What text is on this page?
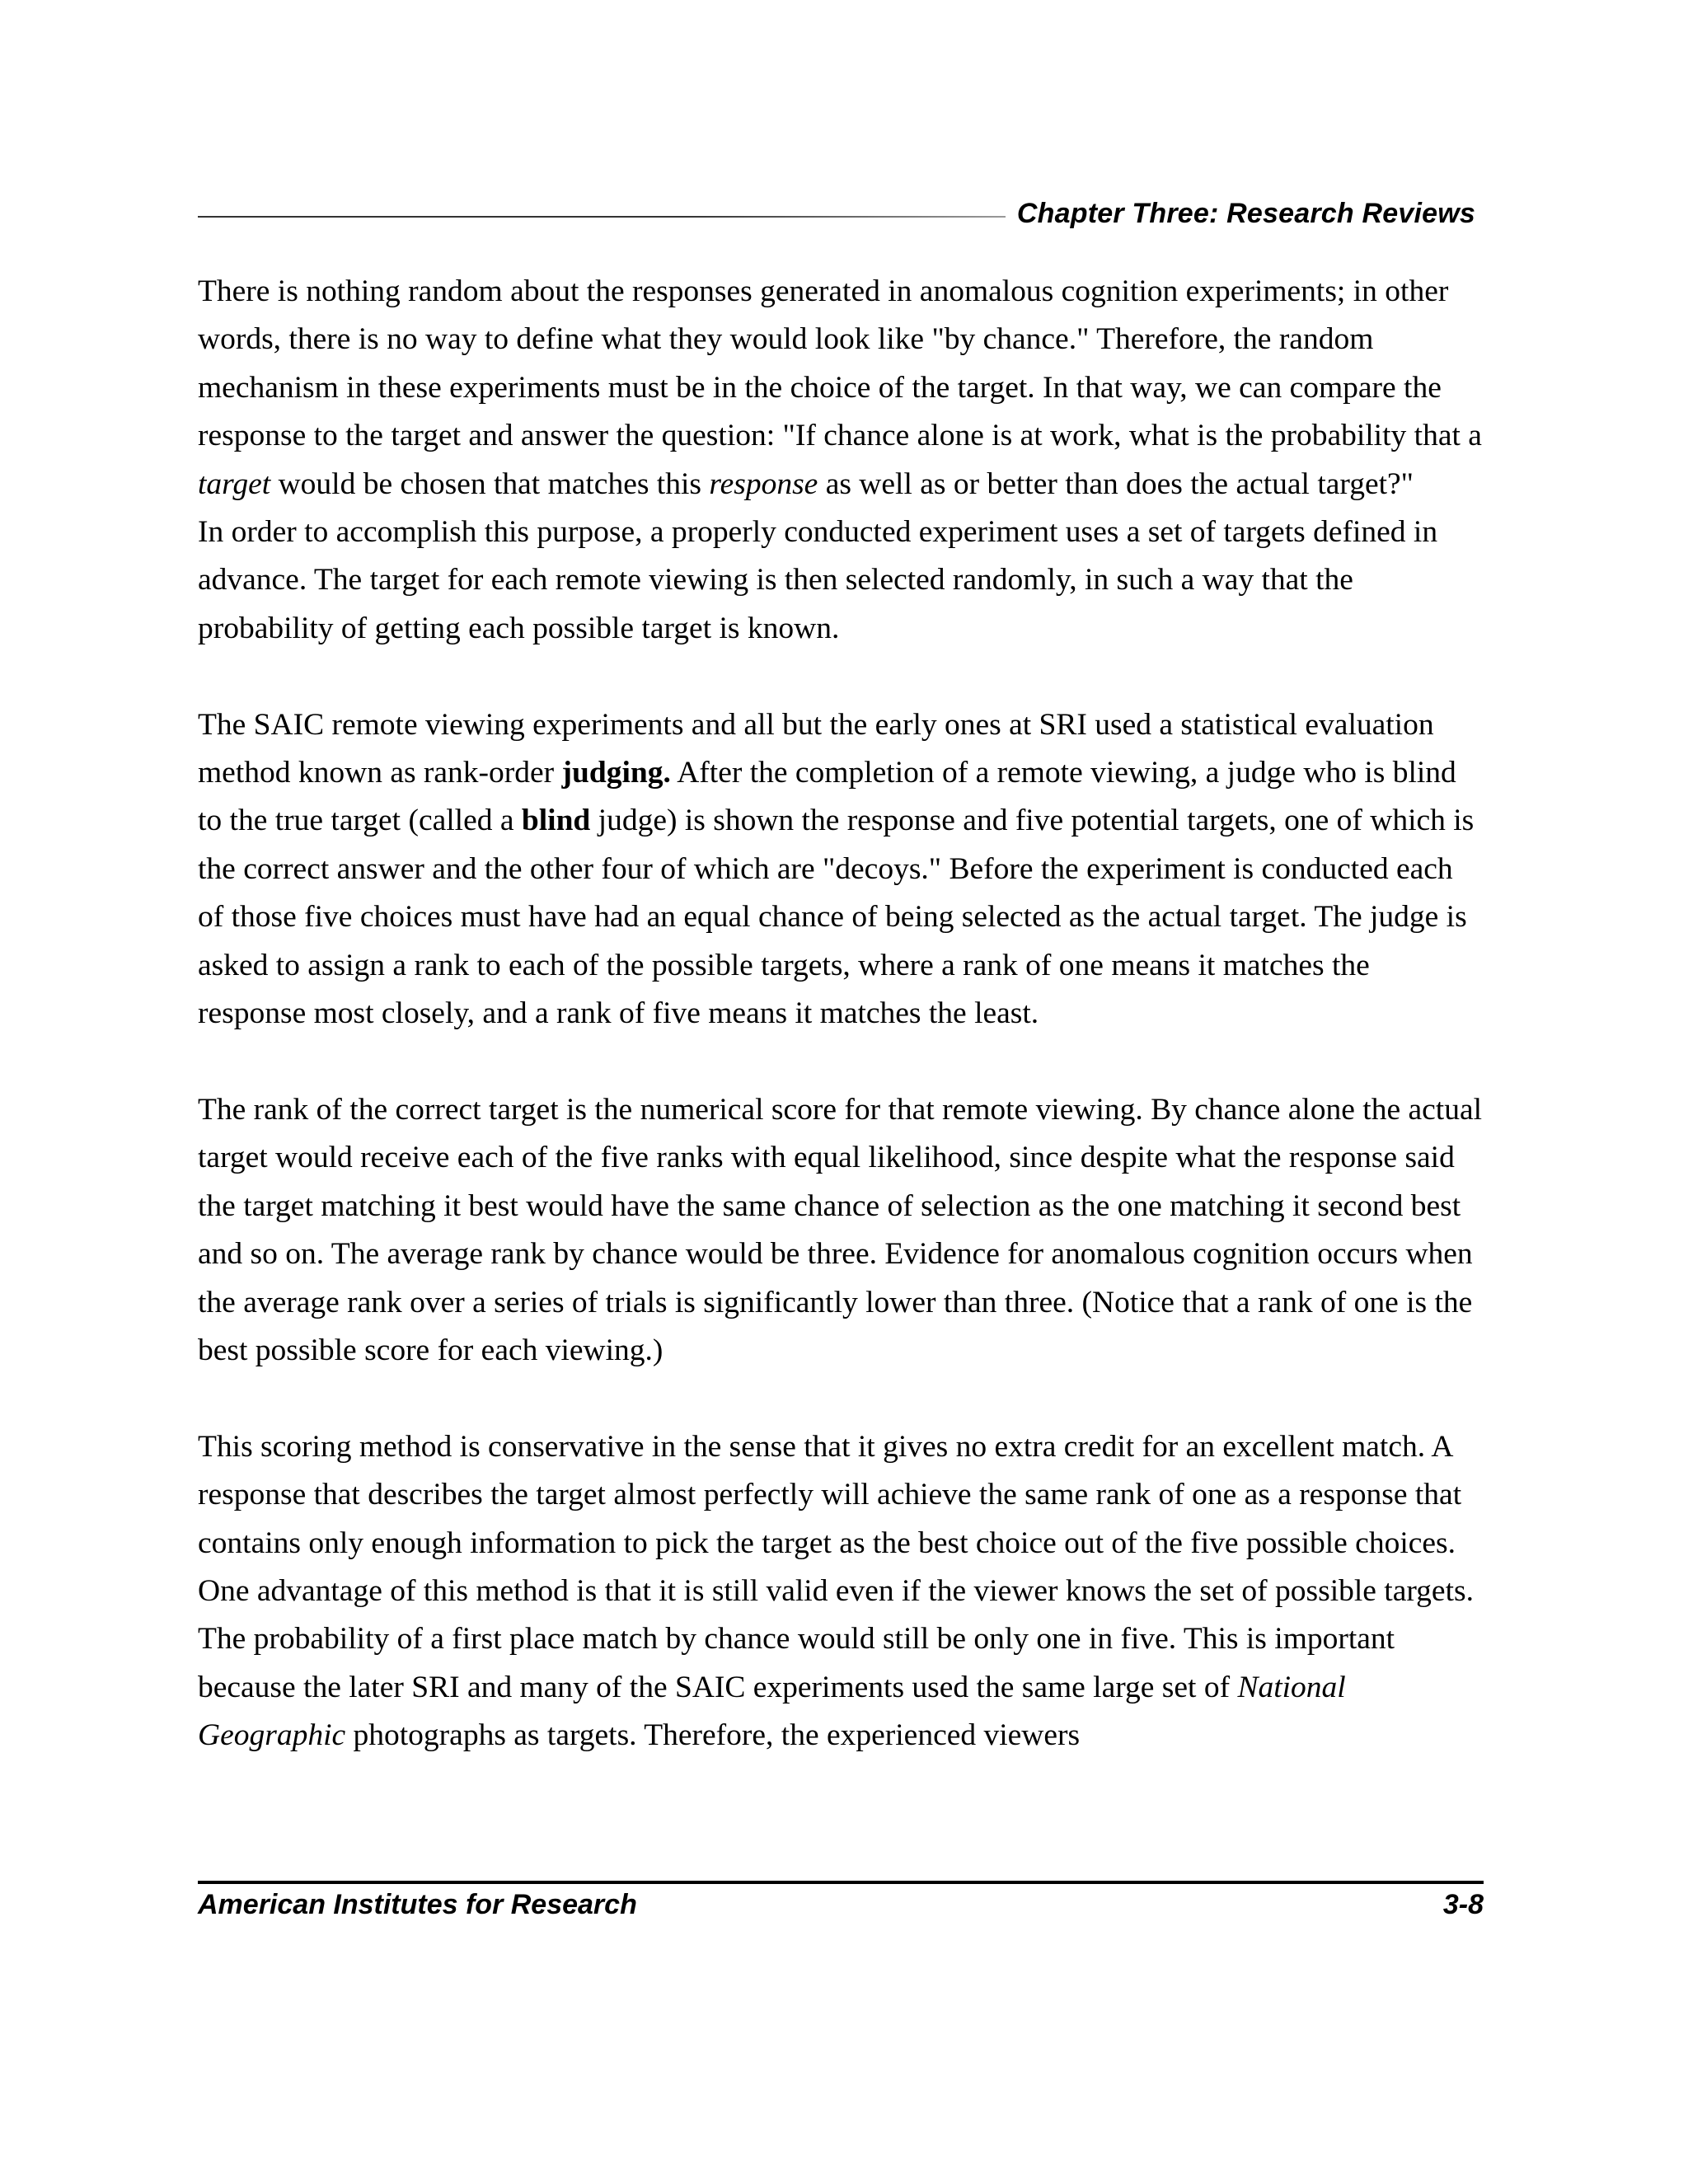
Chapter Three: Research Reviews

There is nothing random about the responses generated in anomalous cognition experiments; in other words, there is no way to define what they would look like "by chance." Therefore, the random mechanism in these experiments must be in the choice of the target. In that way, we can compare the response to the target and answer the question: "If chance alone is at work, what is the probability that a target would be chosen that matches this response as well as or better than does the actual target?"

In order to accomplish this purpose, a properly conducted experiment uses a set of targets defined in advance. The target for each remote viewing is then selected randomly, in such a way that the probability of getting each possible target is known.

The SAIC remote viewing experiments and all but the early ones at SRI used a statistical evaluation method known as rank-order judging. After the completion of a remote viewing, a judge who is blind to the true target (called a blind judge) is shown the response and five potential targets, one of which is the correct answer and the other four of which are "decoys." Before the experiment is conducted each of those five choices must have had an equal chance of being selected as the actual target. The judge is asked to assign a rank to each of the possible targets, where a rank of one means it matches the response most closely, and a rank of five means it matches the least.

The rank of the correct target is the numerical score for that remote viewing. By chance alone the actual target would receive each of the five ranks with equal likelihood, since despite what the response said the target matching it best would have the same chance of selection as the one matching it second best and so on. The average rank by chance would be three. Evidence for anomalous cognition occurs when the average rank over a series of trials is significantly lower than three. (Notice that a rank of one is the best possible score for each viewing.)

This scoring method is conservative in the sense that it gives no extra credit for an excellent match. A response that describes the target almost perfectly will achieve the same rank of one as a response that contains only enough information to pick the target as the best choice out of the five possible choices. One advantage of this method is that it is still valid even if the viewer knows the set of possible targets. The probability of a first place match by chance would still be only one in five. This is important because the later SRI and many of the SAIC experiments used the same large set of National Geographic photographs as targets. Therefore, the experienced viewers

American Institutes for Research	3-8
